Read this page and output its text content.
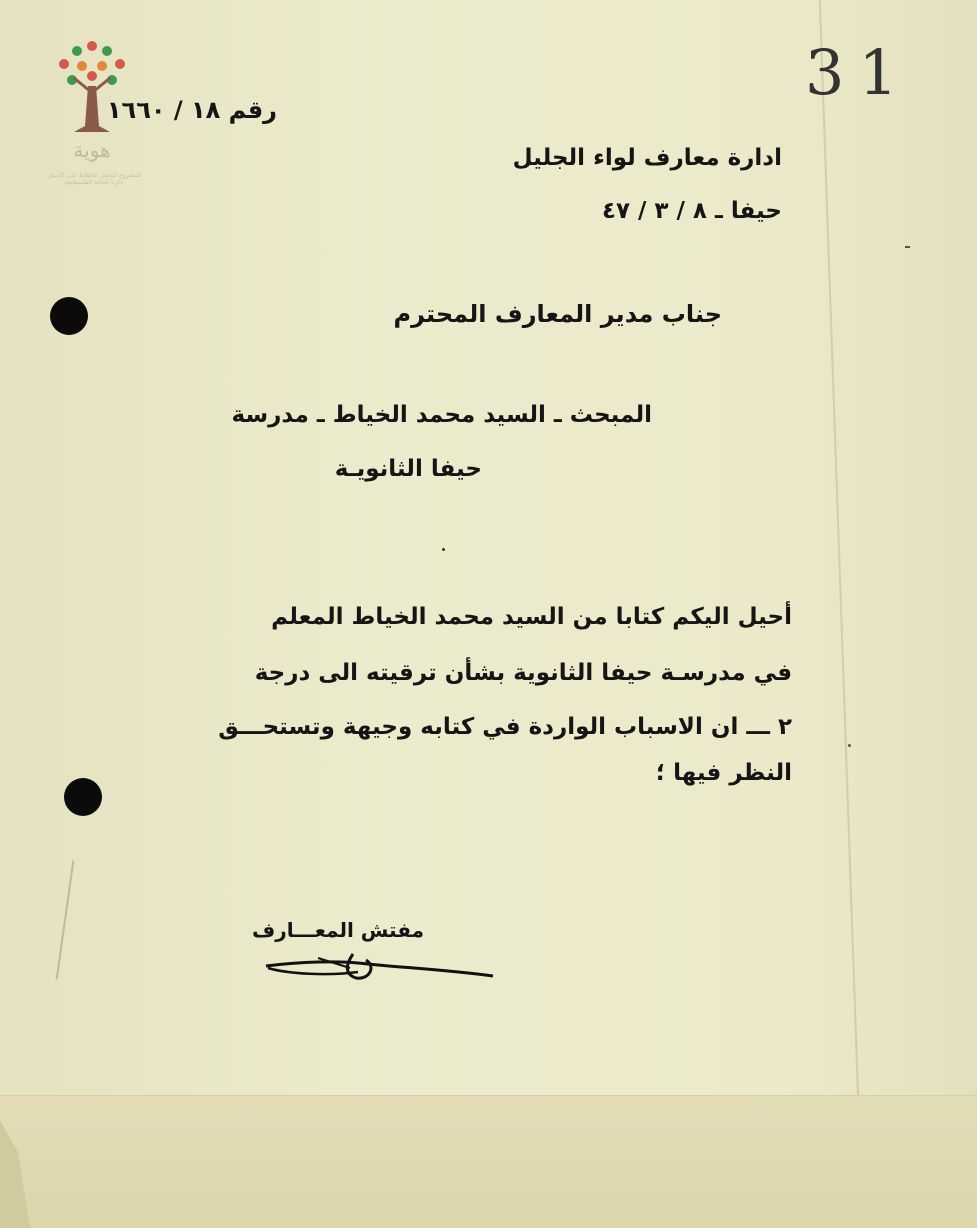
هوية
المشروع الوطني للحفاظ على الأصول
دائرة العائلة الفلسطينية
31
رقم ١٨ / ١٦٦٠
ادارة معارف لواء الجليل
حيفا ـ ٨ / ٣ / ٤٧
جناب مدير المعارف المحترم
المبحث ـ السيد محمد الخياط ـ مدرسة
حيفا الثانويـة
أحيل اليكم كتابا من السيد محمد الخياط المعلم
في مدرسـة حيفا الثانوية بشأن ترقيته الى درجة
٢ ـــ ان الاسباب الواردة في كتابه وجيهة وتستحـــق
النظر فيها ؛
مفتش المعـــارف
